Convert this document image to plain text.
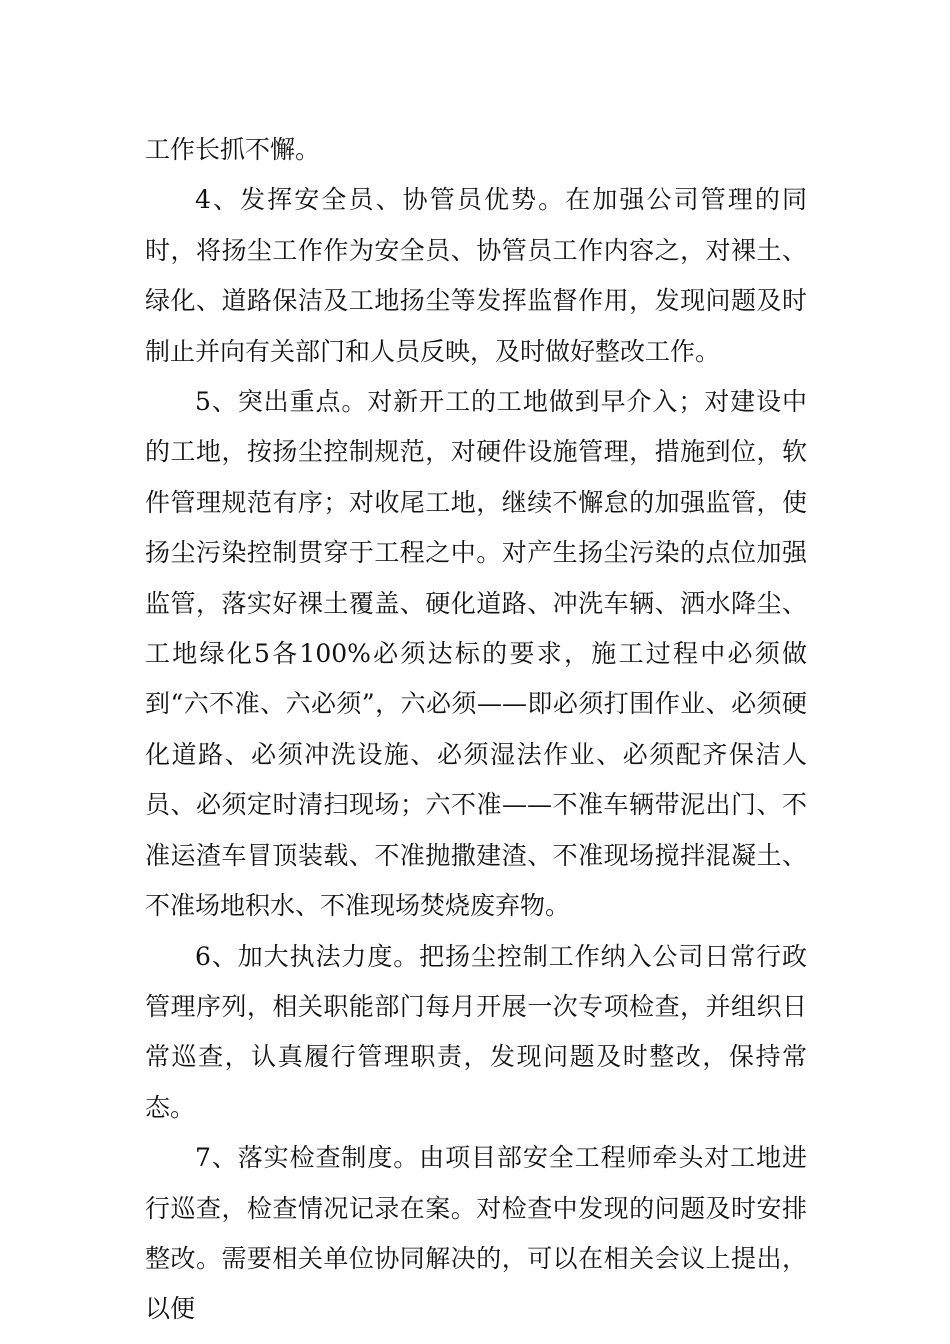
工作长抓不懈。

4、发挥安全员、协管员优势。在加强公司管理的同时，将扬尘工作作为安全员、协管员工作内容之，对裸土、绿化、道路保洁及工地扬尘等发挥监督作用，发现问题及时制止并向有关部门和人员反映，及时做好整改工作。

5、突出重点。对新开工的工地做到早介入；对建设中的工地，按扬尘控制规范，对硬件设施管理，措施到位，软件管理规范有序；对收尾工地，继续不懈怠的加强监管，使扬尘污染控制贯穿于工程之中。对产生扬尘污染的点位加强监管，落实好裸土覆盖、硬化道路、冲洗车辆、洒水降尘、工地绿化5各100%必须达标的要求，施工过程中必须做到“六不准、六必须”，六必须——即必须打围作业、必须硬化道路、必须冲洗设施、必须湿法作业、必须配齐保洁人员、必须定时清扫现场；六不准——不准车辆带泥出门、不准运渣车冒顶装载、不准抛撒建渣、不准现场搅拌混凝土、不准场地积水、不准现场焚烧废弃物。

6、加大执法力度。把扬尘控制工作纳入公司日常行政管理序列，相关职能部门每月开展一次专项检查，并组织日常巡查，认真履行管理职责，发现问题及时整改，保持常态。

7、落实检查制度。由项目部安全工程师牵头对工地进行巡查，检查情况记录在案。对检查中发现的问题及时安排整改。需要相关单位协同解决的，可以在相关会议上提出，以便
